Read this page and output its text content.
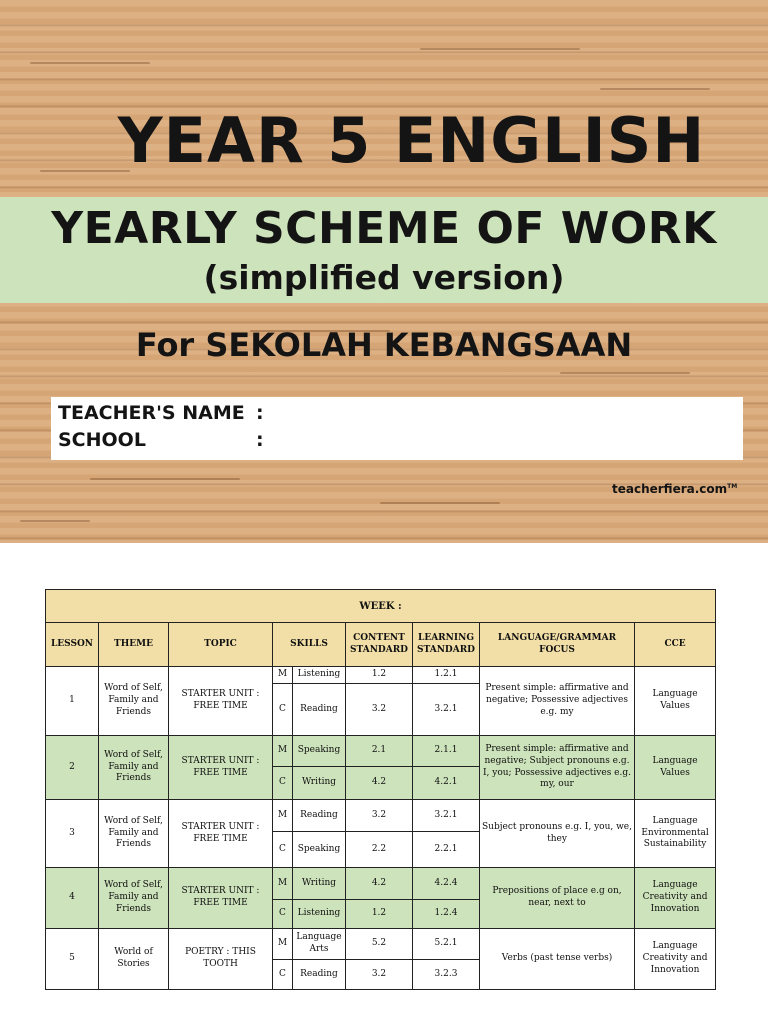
YEAR 5 ENGLISH
YEARLY SCHEME OF WORK
(simplified version)
For SEKOLAH KEBANGSAAN
TEACHER'S NAME :
SCHOOL	:
teacherfiera.com™
WEEK :								
LESSON	THEME	TOPIC	SKILLS		CONTENT STANDARD	LEARNING STANDARD	LANGUAGE/GRAMMAR FOCUS	CCE
1	Word of Self, Family and Friends	STARTER UNIT : FREE TIME	M	Listening	1.2	1.2.1	Present simple: affirmative and negative; Possessive adjectives e.g. my	Language Values
			C	Reading	3.2	3.2.1		
2	Word of Self, Family and Friends	STARTER UNIT : FREE TIME	M	Speaking	2.1	2.1.1	Present simple: affirmative and negative; Subject pronouns e.g. I, you; Possessive adjectives e.g. my, our	Language Values
			C	Writing	4.2	4.2.1		
3	Word of Self, Family and Friends	STARTER UNIT : FREE TIME	M	Reading	3.2	3.2.1	Subject pronouns e.g. I, you, we, they	Language Environmental Sustainability
			C	Speaking	2.2	2.2.1		
4	Word of Self, Family and Friends	STARTER UNIT : FREE TIME	M	Writing	4.2	4.2.4	Prepositions of place e.g on, near, next to	Language Creativity and Innovation
			C	Listening	1.2	1.2.4		
5	World of Stories	POETRY : THIS TOOTH	M	Language Arts	5.2	5.2.1	Verbs (past tense verbs)	Language Creativity and Innovation
			C	Reading	3.2	3.2.3		
